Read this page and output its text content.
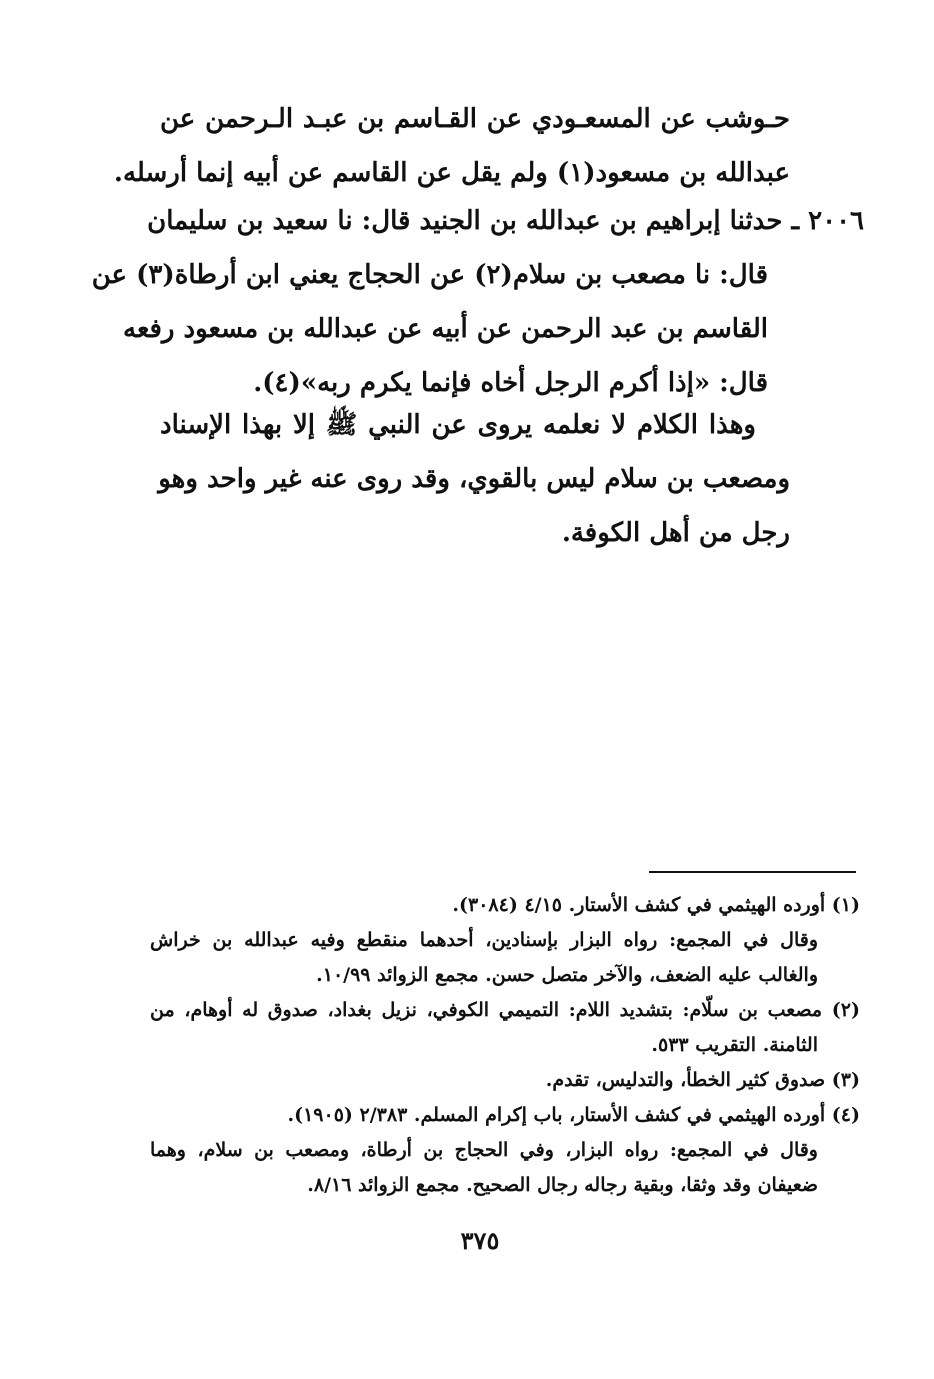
حـوشب عن المسعـودي عن القـاسم بن عبـد الـرحمن عن
عبدالله بن مسعود(١) ولم يقل عن القاسم عن أبيه إنما أرسله.
٢٠٠٦ ـ حدثنا إبراهيم بن عبدالله بن الجنيد قال: نا سعيد بن سليمان
قال: نا مصعب بن سلام(٢) عن الحجاج يعني ابن أرطاة(٣) عن
القاسم بن عبد الرحمن عن أبيه عن عبدالله بن مسعود رفعه
قال: «إذا أكرم الرجل أخاه فإنما يكرم ربه»(٤).
وهذا الكلام لا نعلمه يروى عن النبي ﷺ إلا بهذا الإسناد
ومصعب بن سلام ليس بالقوي، وقد روى عنه غير واحد وهو
رجل من أهل الكوفة.
(١) أورده الهيثمي في كشف الأستار. ٤/١٥ (٣٠٨٤).
وقال في المجمع: رواه البزار بإسنادين، أحدهما منقطع وفيه عبدالله بن خراش
والغالب عليه الضعف، والآخر متصل حسن. مجمع الزوائد ١٠/٩٩.
(٢) مصعب بن سلّام: بتشديد اللام: التميمي الكوفي، نزيل بغداد، صدوق له أوهام، من
الثامنة. التقريب ٥٣٣.
(٣) صدوق كثير الخطأ، والتدليس، تقدم.
(٤) أورده الهيثمي في كشف الأستار، باب إكرام المسلم. ٢/٣٨٣ (١٩٠٥).
وقال في المجمع: رواه البزار، وفي الحجاج بن أرطاة، ومصعب بن سلام، وهما
ضعيفان وقد وثقا، وبقية رجاله رجال الصحيح. مجمع الزوائد ٨/١٦.
٣٧٥
